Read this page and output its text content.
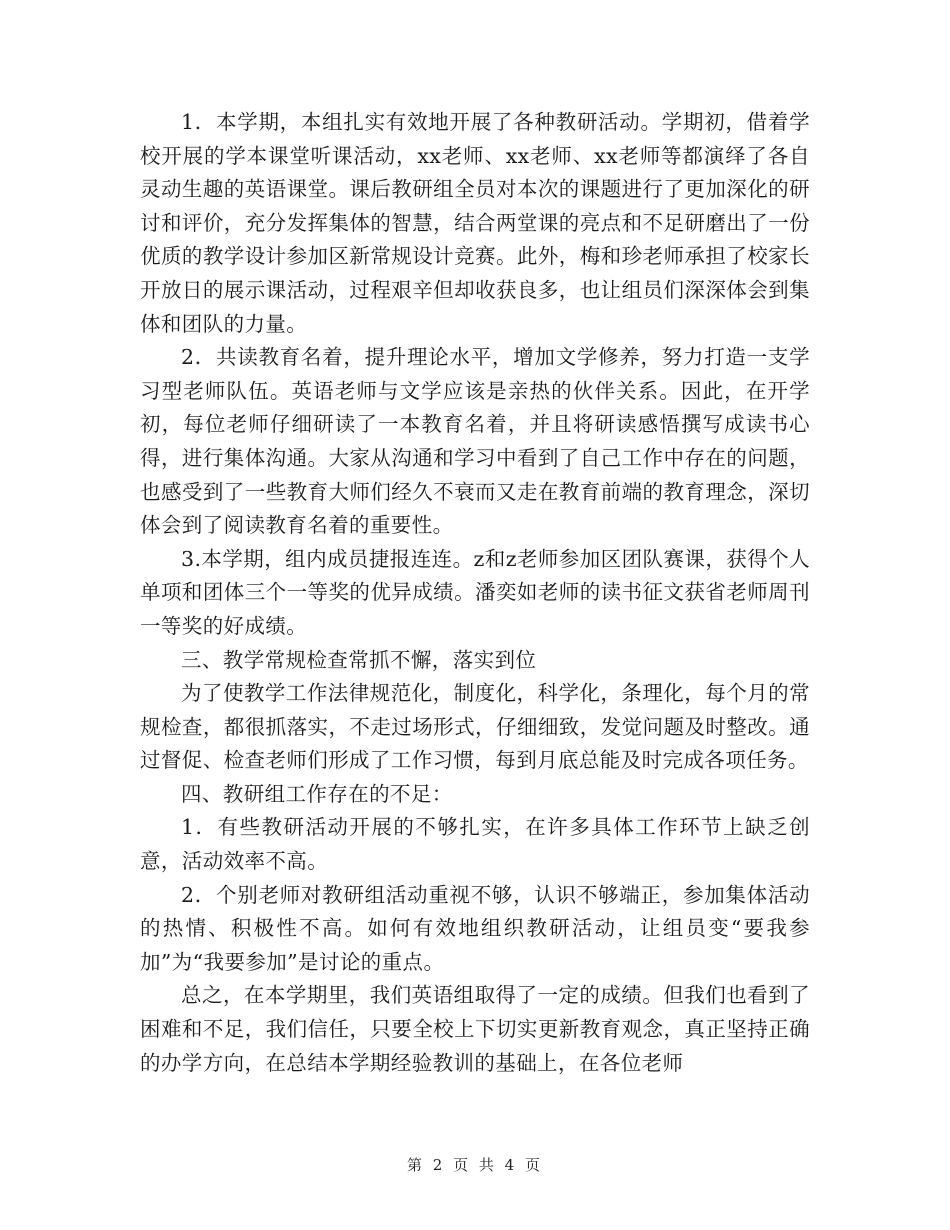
1．本学期，本组扎实有效地开展了各种教研活动。学期初，借着学校开展的学本课堂听课活动，xx老师、xx老师、xx老师等都演绎了各自灵动生趣的英语课堂。课后教研组全员对本次的课题进行了更加深化的研讨和评价，充分发挥集体的智慧，结合两堂课的亮点和不足研磨出了一份优质的教学设计参加区新常规设计竞赛。此外，梅和珍老师承担了校家长开放日的展示课活动，过程艰辛但却收获良多，也让组员们深深体会到集体和团队的力量。

2．共读教育名着，提升理论水平，增加文学修养，努力打造一支学习型老师队伍。英语老师与文学应该是亲热的伙伴关系。因此，在开学初，每位老师仔细研读了一本教育名着，并且将研读感悟撰写成读书心得，进行集体沟通。大家从沟通和学习中看到了自己工作中存在的问题，也感受到了一些教育大师们经久不衰而又走在教育前端的教育理念，深切体会到了阅读教育名着的重要性。

3.本学期，组内成员捷报连连。z和z老师参加区团队赛课，获得个人单项和团体三个一等奖的优异成绩。潘奕如老师的读书征文获省老师周刊一等奖的好成绩。

三、教学常规检查常抓不懈，落实到位

为了使教学工作法律规范化，制度化，科学化，条理化，每个月的常规检查，都很抓落实，不走过场形式，仔细细致，发觉问题及时整改。通过督促、检查老师们形成了工作习惯，每到月底总能及时完成各项任务。

四、教研组工作存在的不足：

1．有些教研活动开展的不够扎实，在许多具体工作环节上缺乏创意，活动效率不高。

2．个别老师对教研组活动重视不够，认识不够端正，参加集体活动的热情、积极性不高。如何有效地组织教研活动，让组员变“要我参加”为“我要参加”是讨论的重点。

总之，在本学期里，我们英语组取得了一定的成绩。但我们也看到了困难和不足，我们信任，只要全校上下切实更新教育观念，真正坚持正确的办学方向，在总结本学期经验教训的基础上，在各位老师

第 2 页 共 4 页
